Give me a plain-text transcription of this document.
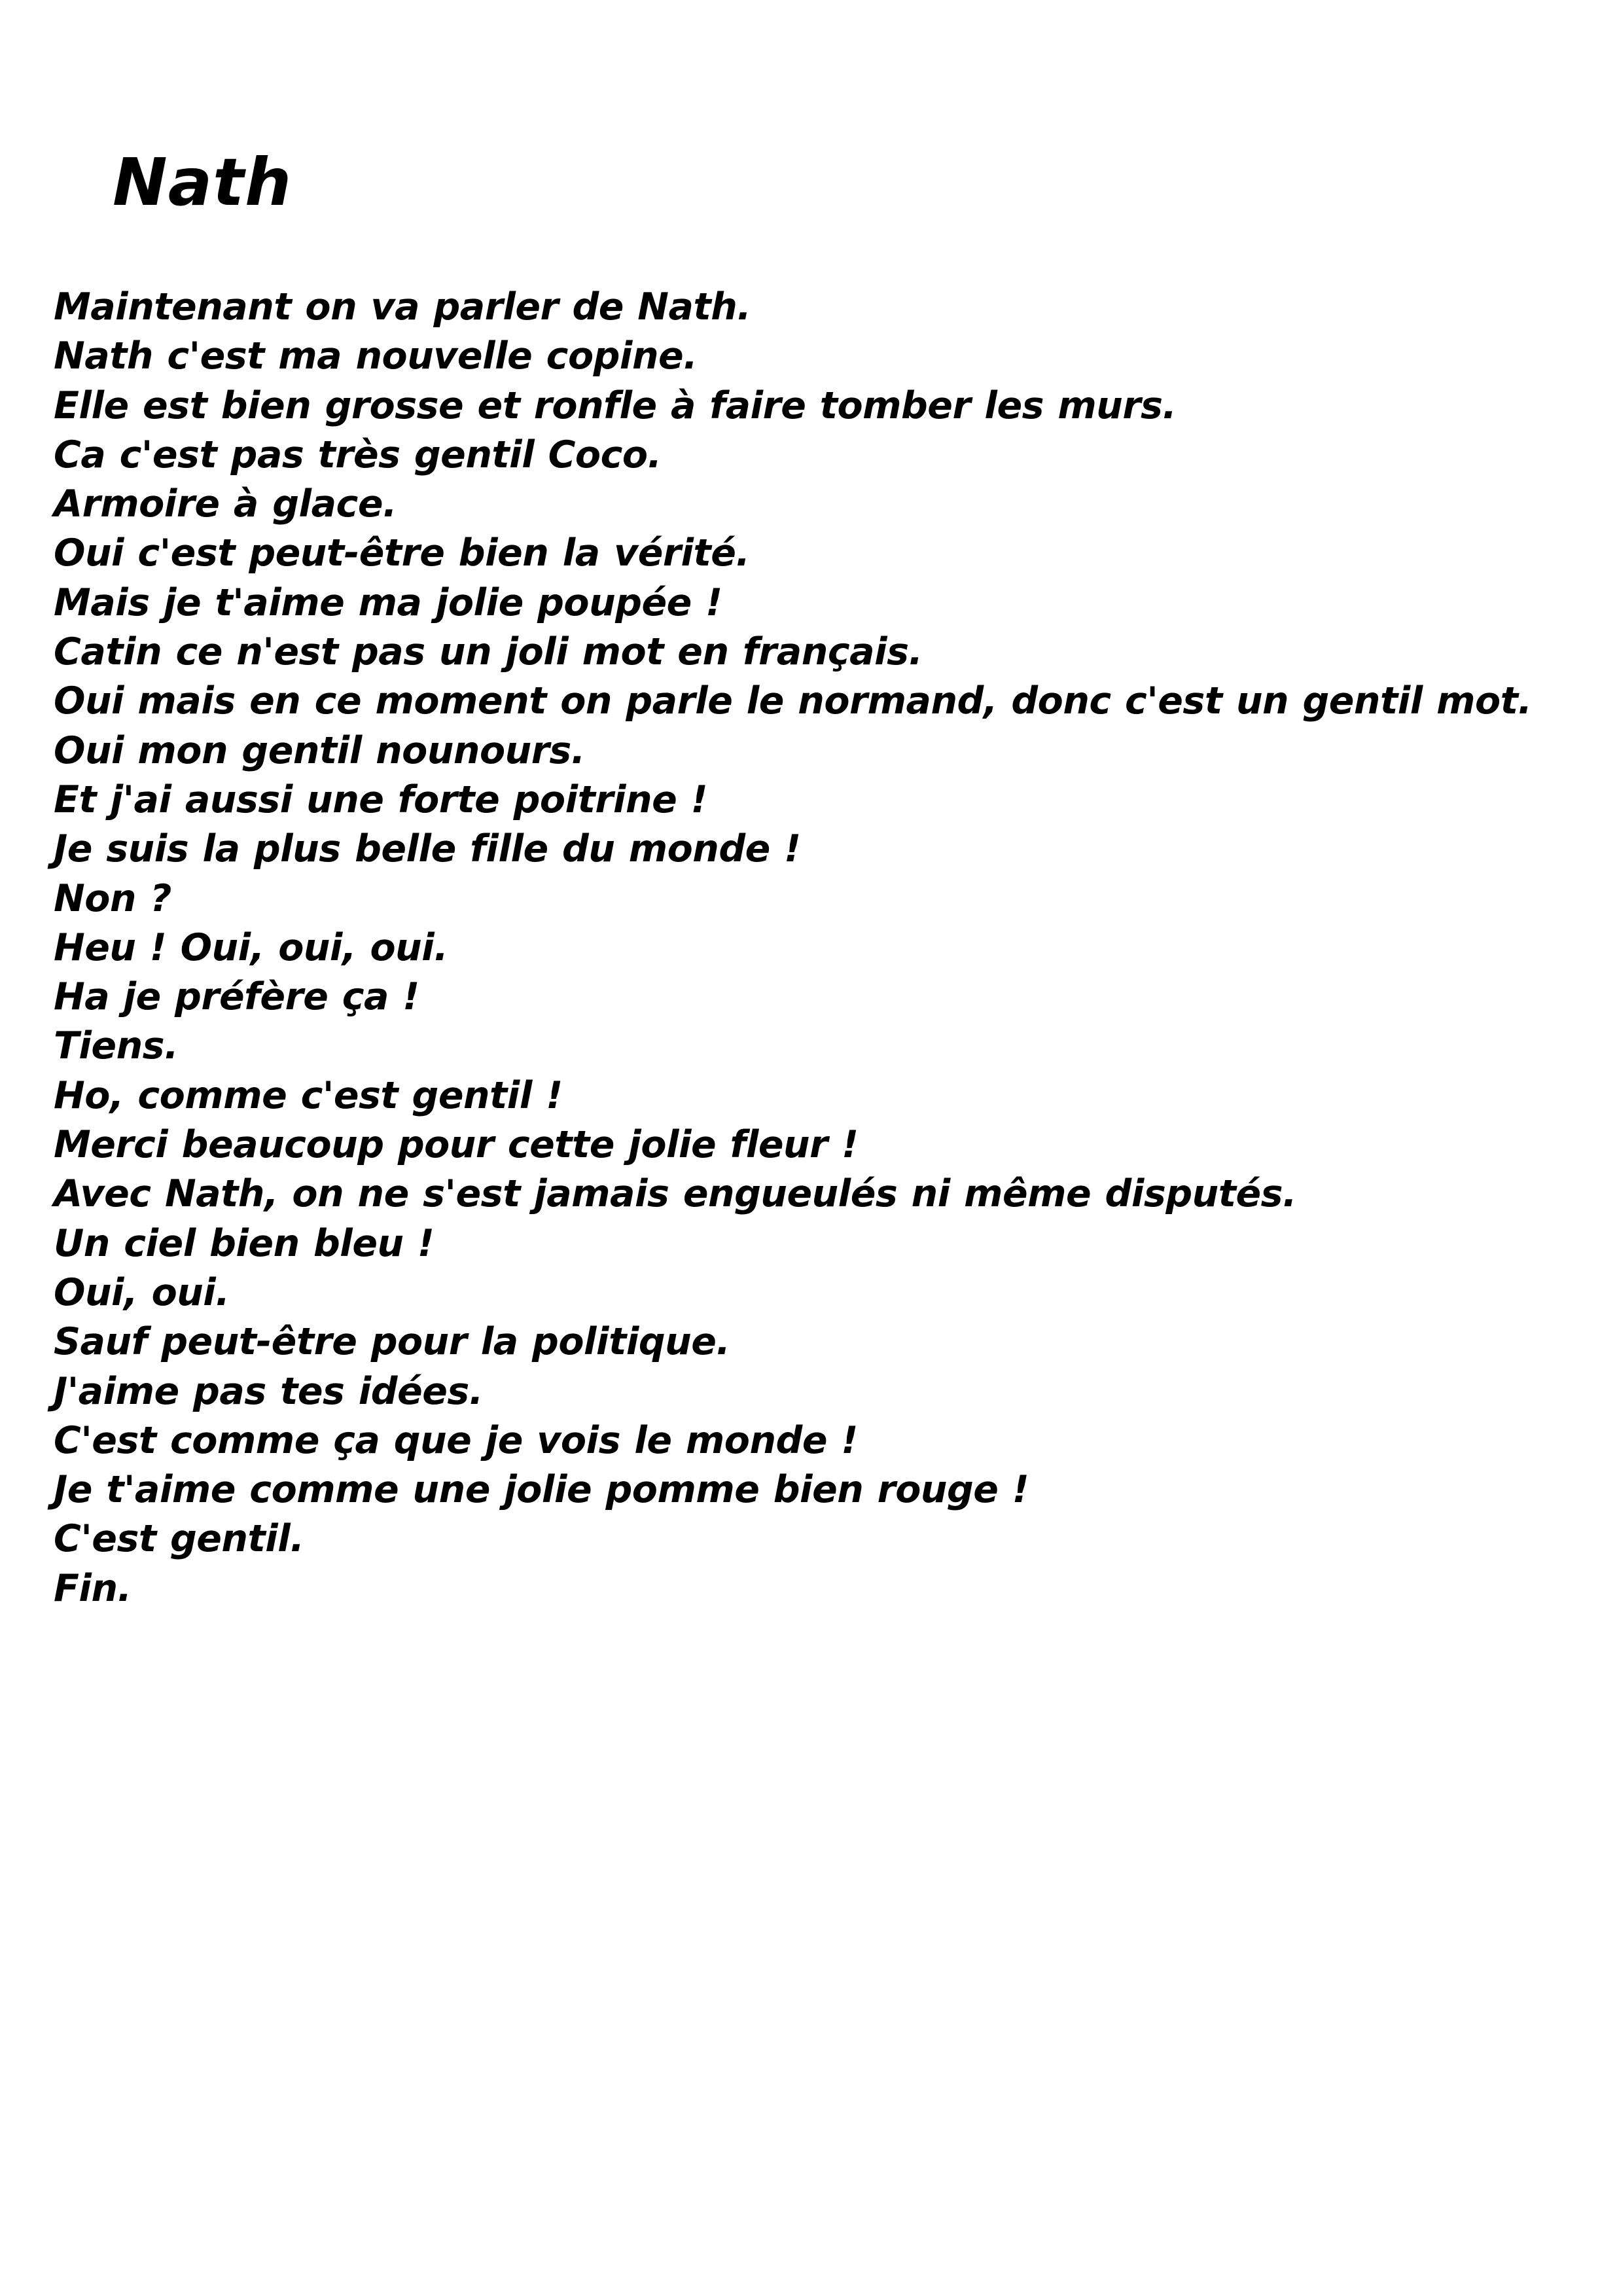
Nath
Maintenant on va parler de Nath.
Nath c'est ma nouvelle copine.
Elle est bien grosse et ronfle à faire tomber les murs.
Ca c'est pas très gentil Coco.
Armoire à glace.
Oui c'est peut-être bien la vérité.
Mais je t'aime ma jolie poupée !
Catin ce n'est pas un joli mot en français.
Oui mais en ce moment on parle le normand, donc c'est un gentil mot.
Oui mon gentil nounours.
Et j'ai aussi une forte poitrine !
Je suis la plus belle fille du monde !
Non ?
Heu ! Oui, oui, oui.
Ha je préfère ça !
Tiens.
Ho, comme c'est gentil !
Merci beaucoup pour cette jolie fleur !
Avec Nath, on ne s'est jamais engueulés ni même disputés.
Un ciel bien bleu !
Oui, oui.
Sauf peut-être pour la politique.
J'aime pas tes idées.
C'est comme ça que je vois le monde !
Je t'aime comme une jolie pomme bien rouge !
C'est gentil.
Fin.
